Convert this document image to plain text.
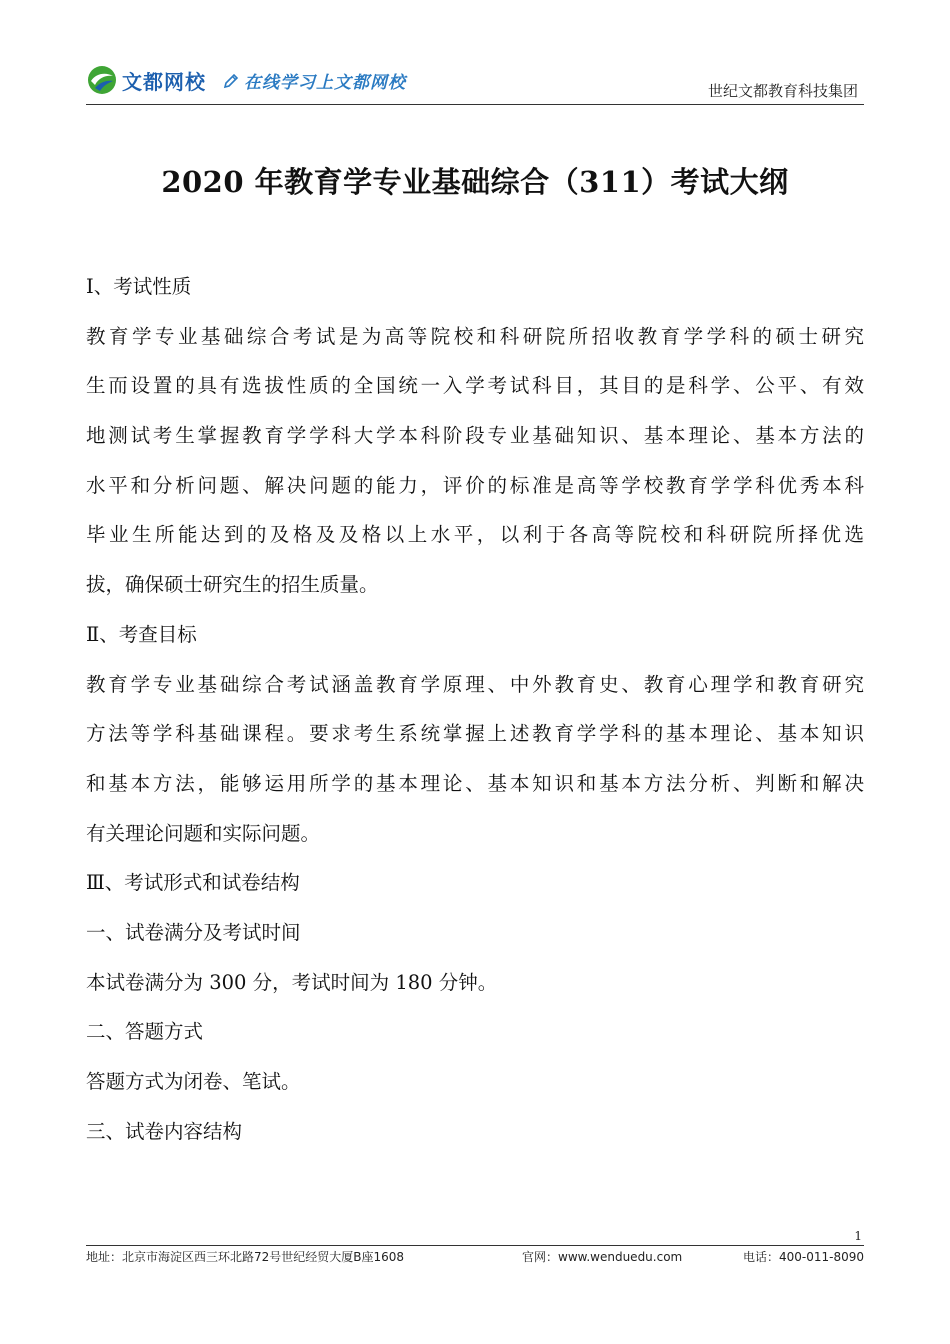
文都网校 在线学习上文都网校	世纪文都教育科技集团
2020 年教育学专业基础综合（311）考试大纲
Ⅰ、考试性质
教育学专业基础综合考试是为高等院校和科研院所招收教育学学科的硕士研究
生而设置的具有选拔性质的全国统一入学考试科目，其目的是科学、公平、有效
地测试考生掌握教育学学科大学本科阶段专业基础知识、基本理论、基本方法的
水平和分析问题、解决问题的能力，评价的标准是高等学校教育学学科优秀本科
毕业生所能达到的及格及及格以上水平，以利于各高等院校和科研院所择优选
拔，确保硕士研究生的招生质量。
Ⅱ、考查目标
教育学专业基础综合考试涵盖教育学原理、中外教育史、教育心理学和教育研究
方法等学科基础课程。要求考生系统掌握上述教育学学科的基本理论、基本知识
和基本方法，能够运用所学的基本理论、基本知识和基本方法分析、判断和解决
有关理论问题和实际问题。
Ⅲ、考试形式和试卷结构
一、试卷满分及考试时间
本试卷满分为 300 分，考试时间为 180 分钟。
二、答题方式
答题方式为闭卷、笔试。
三、试卷内容结构
1
地址：北京市海淀区西三环北路72号世纪经贸大厦B座1608	官网：www.wenduedu.com	电话：400-011-8090
